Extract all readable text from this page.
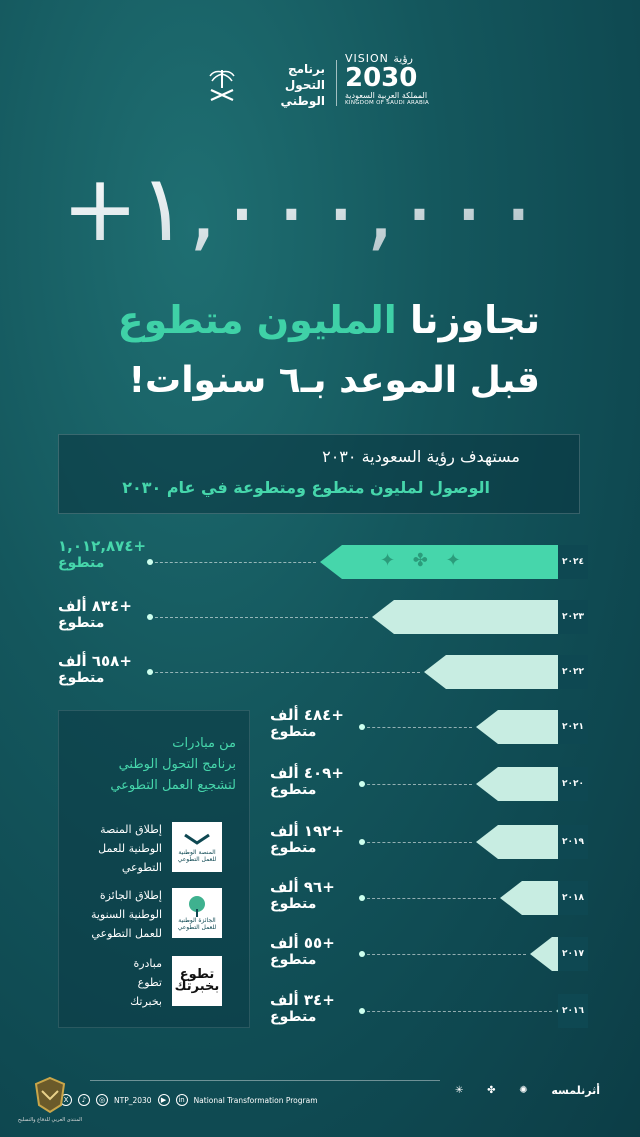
برنامج التحول
الوطني
VISION رؤية
2030
المملكة العربية السعودية
KINGDOM OF SAUDI ARABIA
+١,٠٠٠,٠٠٠
تجاوزنا المليون متطوع
قبل الموعد بـ٦ سنوات!
مستهدف رؤية السعودية ٢٠٣٠
الوصول لمليون متطوع ومتطوعة في عام ٢٠٣٠
٢٠٢٤
✦ ✤ ✦
+١,٠١٢,٨٧٤
متطوع
٢٠٢٣
+٨٣٤ ألف
متطوع
٢٠٢٢
+٦٥٨ ألف
متطوع
٢٠٢١
+٤٨٤ ألف
متطوع
٢٠٢٠
+٤٠٩ ألف
متطوع
٢٠١٩
+١٩٢ ألف
متطوع
٢٠١٨
+٩٦ ألف
متطوع
٢٠١٧
+٥٥ ألف
متطوع
٢٠١٦
+٣٤ ألف
متطوع
من مبادرات
برنامج التحول الوطني
لتشجيع العمل التطوعي
إطلاق المنصة
الوطنية للعمل
التطوعي
المنصة الوطنية للعمل التطوعي
إطلاق الجائزة
الوطنية السنوية
للعمل التطوعي
الجائزة الوطنية للعمل التطوعي
مبادرة
تطوع
بخبرتك
تطوع بخبرتك
X	♪	◎	NTP_2030	▶	in	National Transformation Program
✳ ✤ ✺ أثرنلمسه
المنتدى العربي للدفاع والتسليح
